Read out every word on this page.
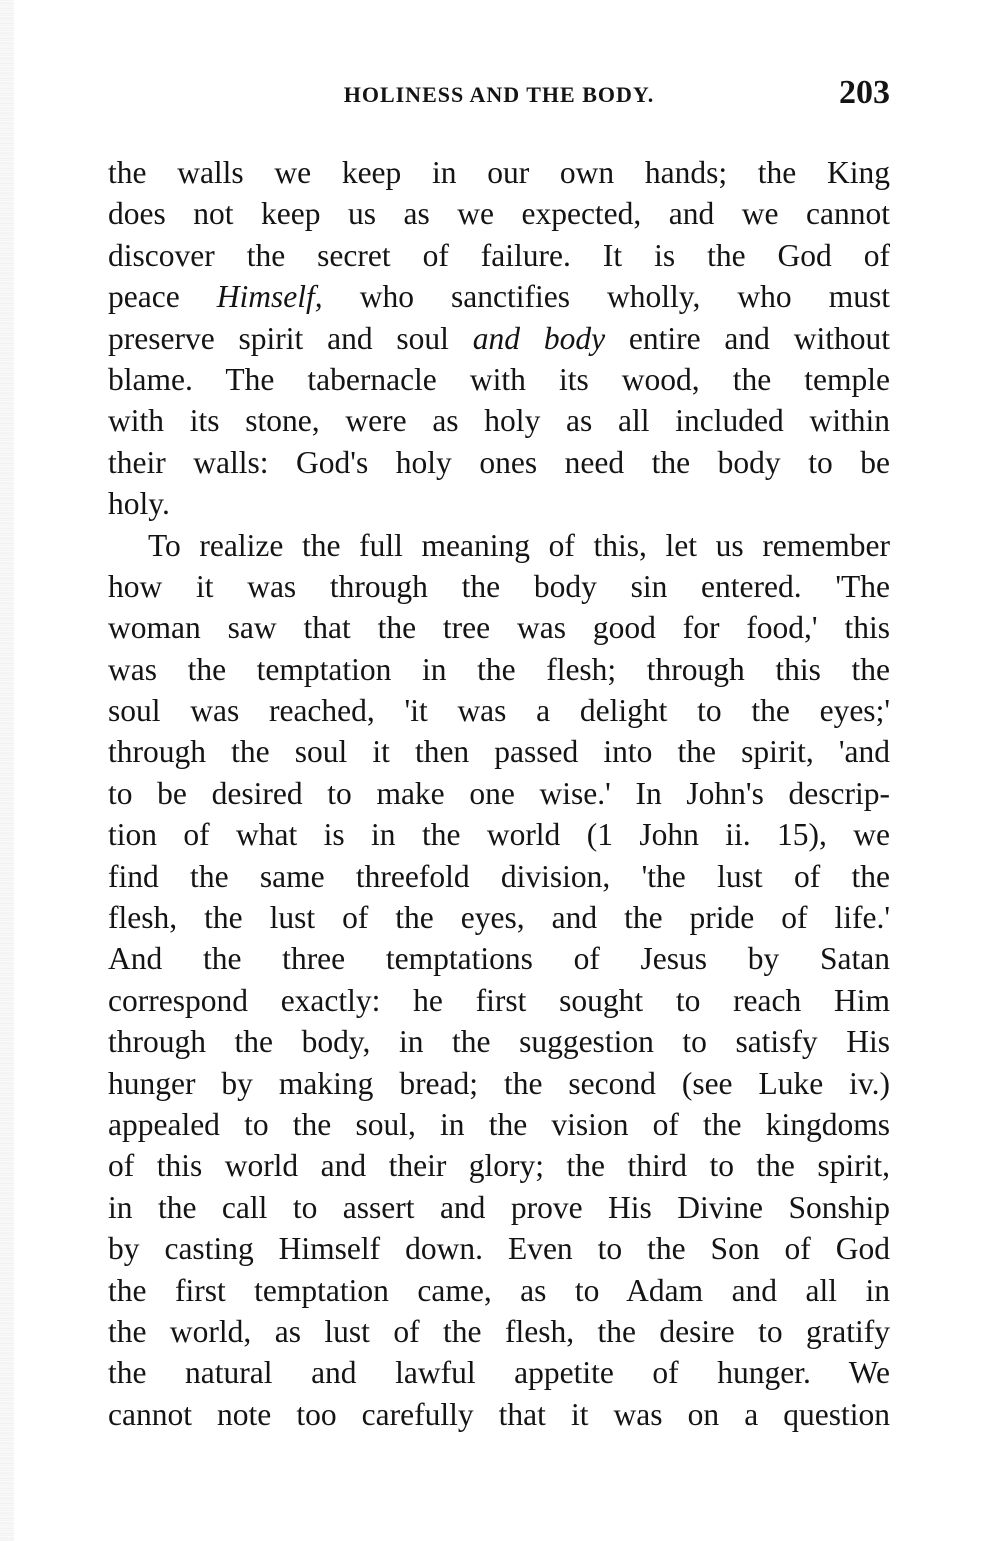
HOLINESS AND THE BODY.	203
the walls we keep in our own hands; the King
does not keep us as we expected, and we cannot
discover the secret of failure. It is the God of
peace Himself, who sanctifies wholly, who must
preserve spirit and soul and body entire and without
blame. The tabernacle with its wood, the temple
with its stone, were as holy as all included within
their walls: God's holy ones need the body to be
holy.
To realize the full meaning of this, let us remember
how it was through the body sin entered. 'The
woman saw that the tree was good for food,' this
was the temptation in the flesh; through this the
soul was reached, 'it was a delight to the eyes;'
through the soul it then passed into the spirit, 'and
to be desired to make one wise.' In John's descrip-
tion of what is in the world (1 John ii. 15), we
find the same threefold division, 'the lust of the
flesh, the lust of the eyes, and the pride of life.'
And the three temptations of Jesus by Satan
correspond exactly: he first sought to reach Him
through the body, in the suggestion to satisfy His
hunger by making bread; the second (see Luke iv.)
appealed to the soul, in the vision of the kingdoms
of this world and their glory; the third to the spirit,
in the call to assert and prove His Divine Sonship
by casting Himself down. Even to the Son of God
the first temptation came, as to Adam and all in
the world, as lust of the flesh, the desire to gratify
the natural and lawful appetite of hunger. We
cannot note too carefully that it was on a question
